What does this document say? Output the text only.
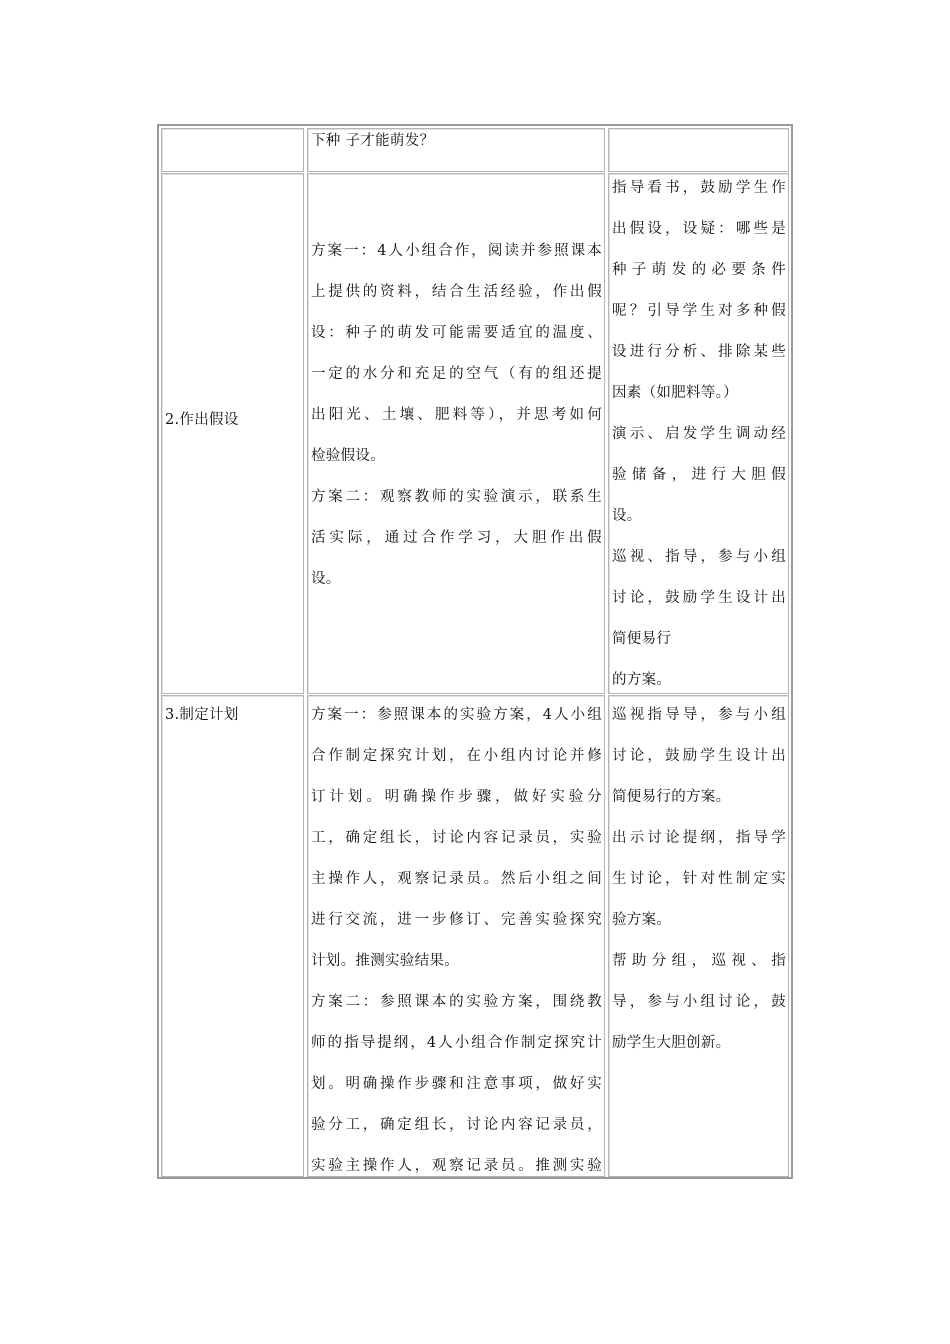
下种 子才能萌发？
2.作出假设
方案一：4人小组合作，阅读并参照课本
上提供的资料，结合生活经验，作出假
设：种子的萌发可能需要适宜的温度、
一定的水分和充足的空气（有的组还提
出阳光、土壤、肥料等），并思考如何
检验假设。
方案二：观察教师的实验演示，联系生
活实际，通过合作学习，大胆作出假
设。
指导看书，鼓励学生作
出假设，设疑：哪些是
种子萌发的必要条件
呢？引导学生对多种假
设进行分析、排除某些
因素（如肥料等。）
演示、启发学生调动经
验储备，进行大胆假
设。
巡视、指导，参与小组
讨论，鼓励学生设计出
简便易行
的方案。
3.制定计划	方案一：参照课本的实验方案，4人小组
合作制定探究计划，在小组内讨论并修
订计划。明确操作步骤，做好实验分
工，确定组长，讨论内容记录员，实验
主操作人，观察记录员。然后小组之间
进行交流，进一步修订、完善实验探究
计划。推测实验结果。
方案二：参照课本的实验方案，围绕教
师的指导提纲，4人小组合作制定探究计
划。明确操作步骤和注意事项，做好实
验分工，确定组长，讨论内容记录员，
实验主操作人，观察记录员。推测实验
巡视指导导，参与小组
讨论，鼓励学生设计出
简便易行的方案。
出示讨论提纲，指导学
生讨论，针对性制定实
验方案。
帮助分组，巡视、指
导，参与小组讨论，鼓
励学生大胆创新。
